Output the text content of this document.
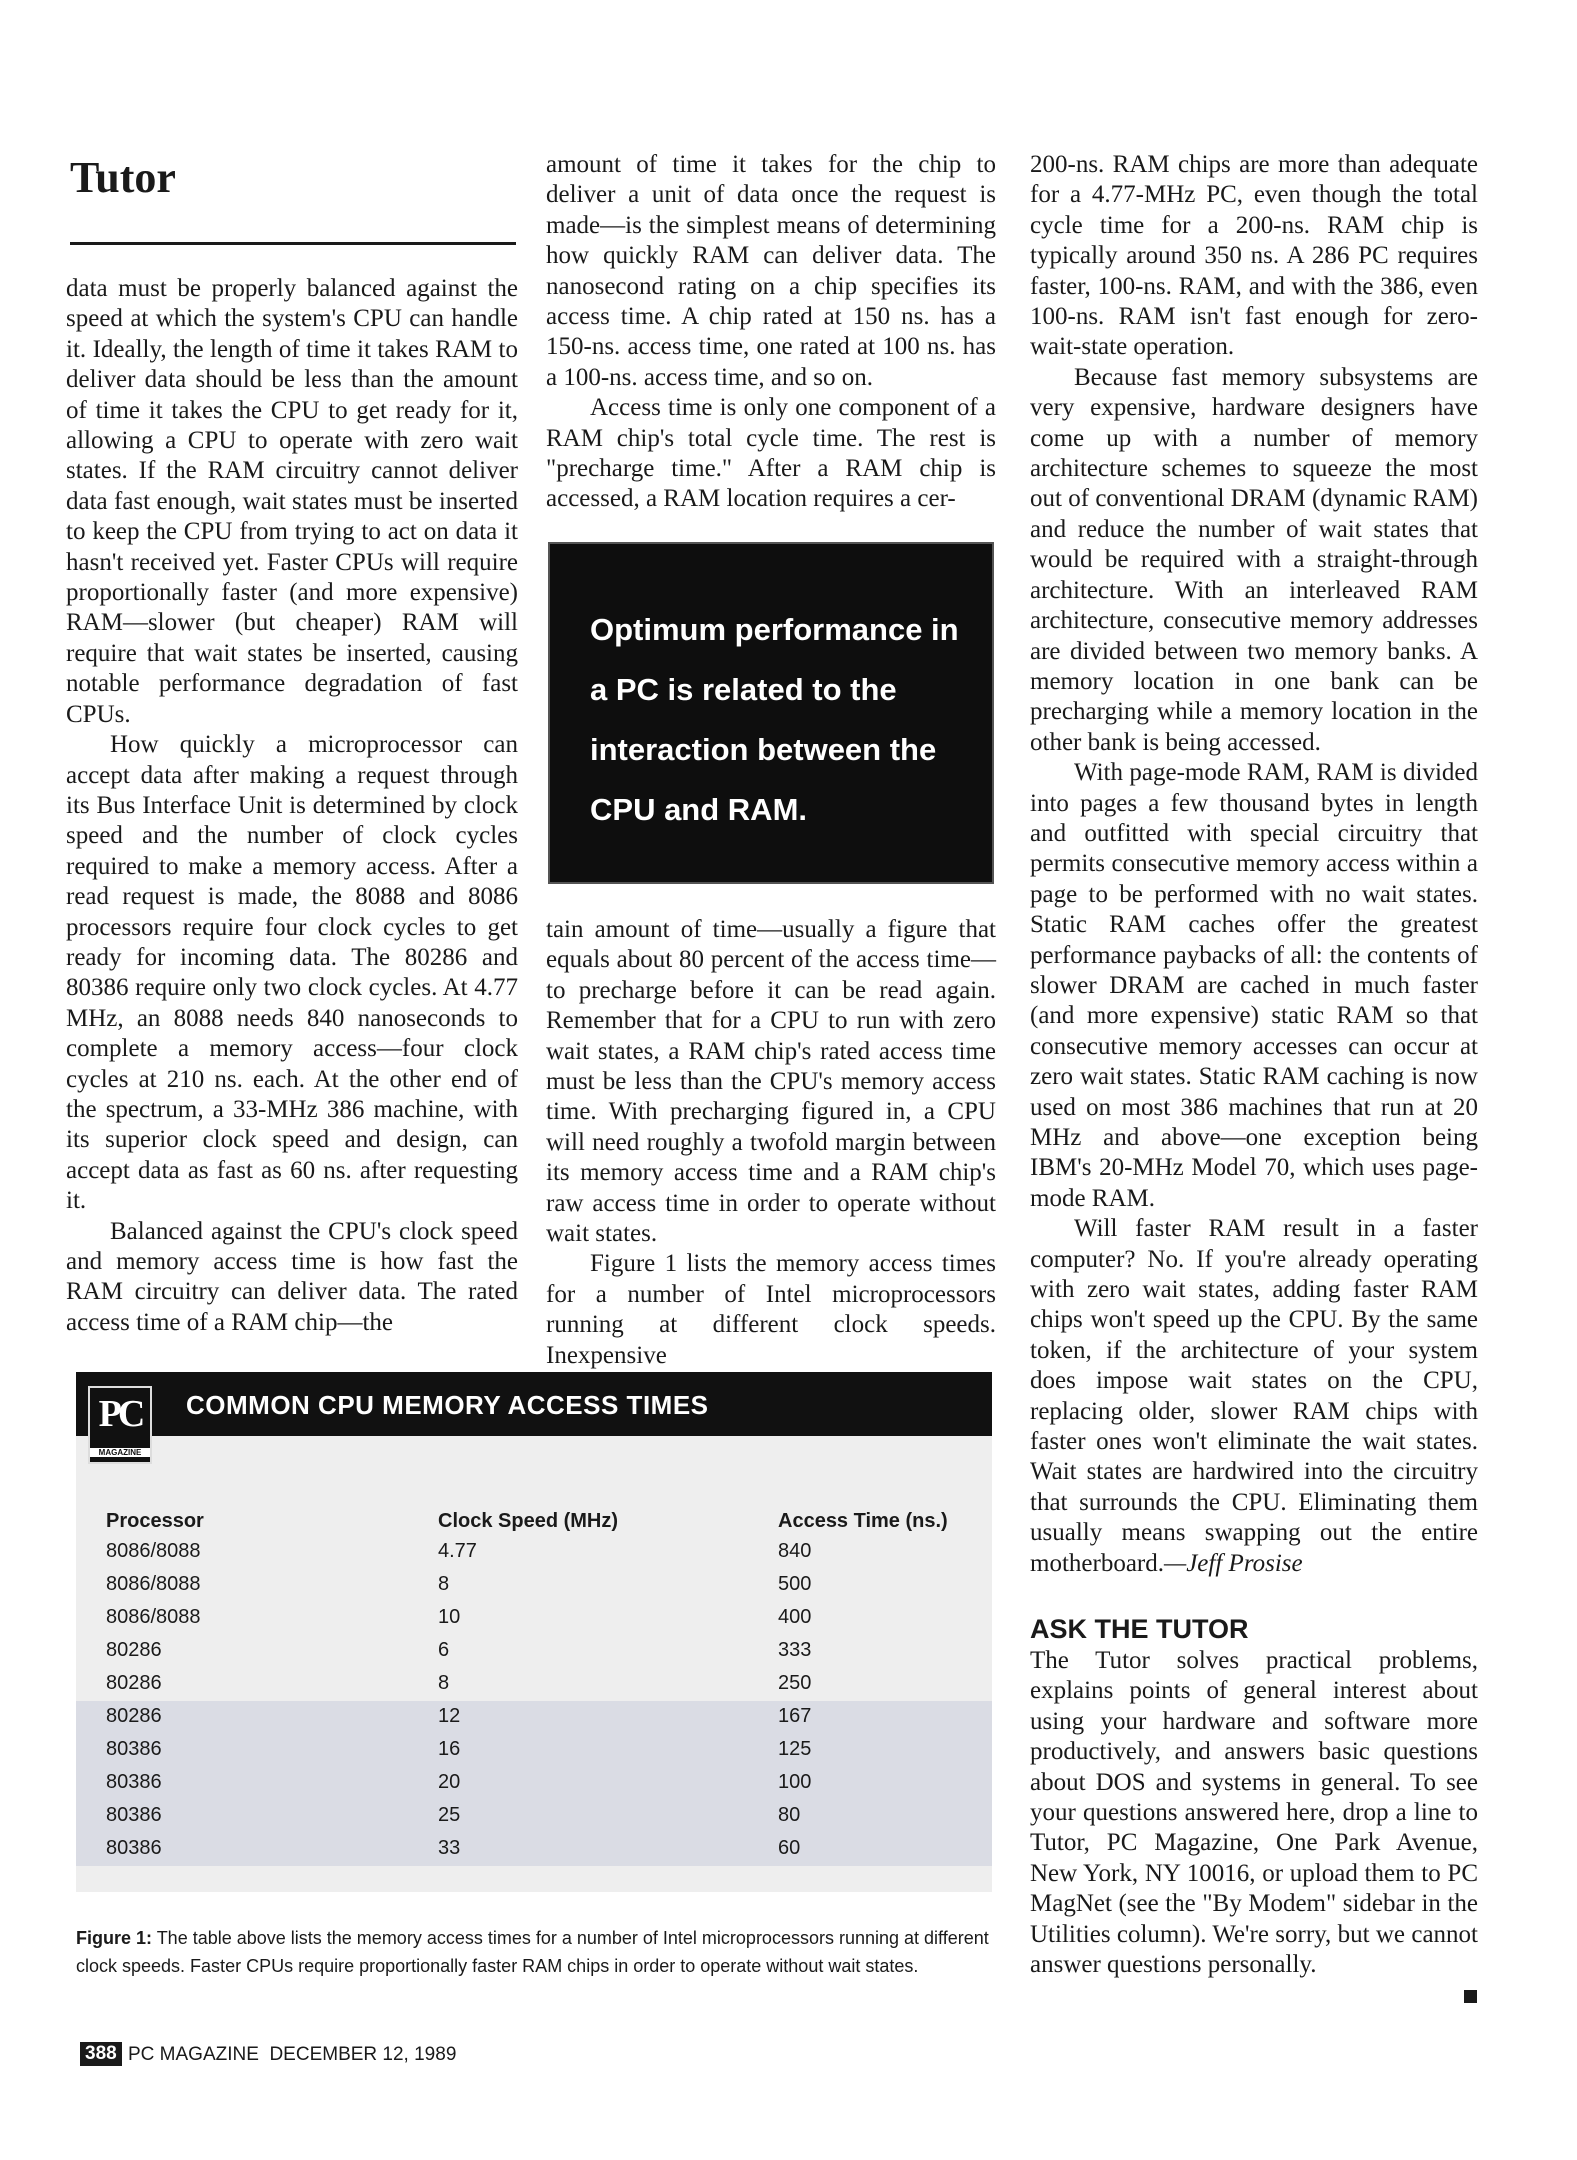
Tutor

data must be properly balanced against the speed at which the system's CPU can handle it. Ideally, the length of time it takes RAM to deliver data should be less than the amount of time it takes the CPU to get ready for it, allowing a CPU to operate with zero wait states. If the RAM circuitry cannot deliver data fast enough, wait states must be inserted to keep the CPU from trying to act on data it hasn't received yet. Faster CPUs will require proportionally faster (and more expensive) RAM—slower (but cheaper) RAM will require that wait states be inserted, causing notable performance degradation of fast CPUs.

How quickly a microprocessor can accept data after making a request through its Bus Interface Unit is determined by clock speed and the number of clock cycles required to make a memory access. After a read request is made, the 8088 and 8086 processors require four clock cycles to get ready for incoming data. The 80286 and 80386 require only two clock cycles. At 4.77 MHz, an 8088 needs 840 nanoseconds to complete a memory access—four clock cycles at 210 ns. each. At the other end of the spectrum, a 33-MHz 386 machine, with its superior clock speed and design, can accept data as fast as 60 ns. after requesting it.

Balanced against the CPU's clock speed and memory access time is how fast the RAM circuitry can deliver data. The rated access time of a RAM chip—the

amount of time it takes for the chip to deliver a unit of data once the request is made—is the simplest means of determining how quickly RAM can deliver data. The nanosecond rating on a chip specifies its access time. A chip rated at 150 ns. has a 150-ns. access time, one rated at 100 ns. has a 100-ns. access time, and so on.

Access time is only one component of a RAM chip's total cycle time. The rest is "precharge time." After a RAM chip is accessed, a RAM location requires a cer-

Optimum performance in a PC is related to the interaction between the CPU and RAM.

tain amount of time—usually a figure that equals about 80 percent of the access time—to precharge before it can be read again. Remember that for a CPU to run with zero wait states, a RAM chip's rated access time must be less than the CPU's memory access time. With precharging figured in, a CPU will need roughly a twofold margin between its memory access time and a RAM chip's raw access time in order to operate without wait states.

Figure 1 lists the memory access times for a number of Intel microprocessors running at different clock speeds. Inexpensive

200-ns. RAM chips are more than adequate for a 4.77-MHz PC, even though the total cycle time for a 200-ns. RAM chip is typically around 350 ns. A 286 PC requires faster, 100-ns. RAM, and with the 386, even 100-ns. RAM isn't fast enough for zero-wait-state operation.

Because fast memory subsystems are very expensive, hardware designers have come up with a number of memory architecture schemes to squeeze the most out of conventional DRAM (dynamic RAM) and reduce the number of wait states that would be required with a straight-through architecture. With an interleaved RAM architecture, consecutive memory addresses are divided between two memory banks. A memory location in one bank can be precharging while a memory location in the other bank is being accessed.

With page-mode RAM, RAM is divided into pages a few thousand bytes in length and outfitted with special circuitry that permits consecutive memory access within a page to be performed with no wait states. Static RAM caches offer the greatest performance paybacks of all: the contents of slower DRAM are cached in much faster (and more expensive) static RAM so that consecutive memory accesses can occur at zero wait states. Static RAM caching is now used on most 386 machines that run at 20 MHz and above—one exception being IBM's 20-MHz Model 70, which uses page-mode RAM.

Will faster RAM result in a faster computer? No. If you're already operating with zero wait states, adding faster RAM chips won't speed up the CPU. By the same token, if the architecture of your system does impose wait states on the CPU, replacing older, slower RAM chips with faster ones won't eliminate the wait states. Wait states are hardwired into the circuitry that surrounds the CPU. Eliminating them usually means swapping out the entire motherboard.—Jeff Prosise

COMMON CPU MEMORY ACCESS TIMES
PC
MAGAZINE
Processor	Clock Speed (MHz)	Access Time (ns.)
8086/8088	4.77	840
8086/8088	8	500
8086/8088	10	400
80286	6	333
80286	8	250
80286	12	167
80386	16	125
80386	20	100
80386	25	80
80386	33	60
Figure 1: The table above lists the memory access times for a number of Intel microprocessors running at different clock speeds. Faster CPUs require proportionally faster RAM chips in order to operate without wait states.
ASK THE TUTOR
The Tutor solves practical problems, explains points of general interest about using your hardware and software more productively, and answers basic questions about DOS and systems in general. To see your questions answered here, drop a line to Tutor, PC Magazine, One Park Avenue, New York, NY 10016, or upload them to PC MagNet (see the "By Modem" sidebar in the Utilities column). We're sorry, but we cannot answer questions personally.
388 PC MAGAZINE  DECEMBER 12, 1989
